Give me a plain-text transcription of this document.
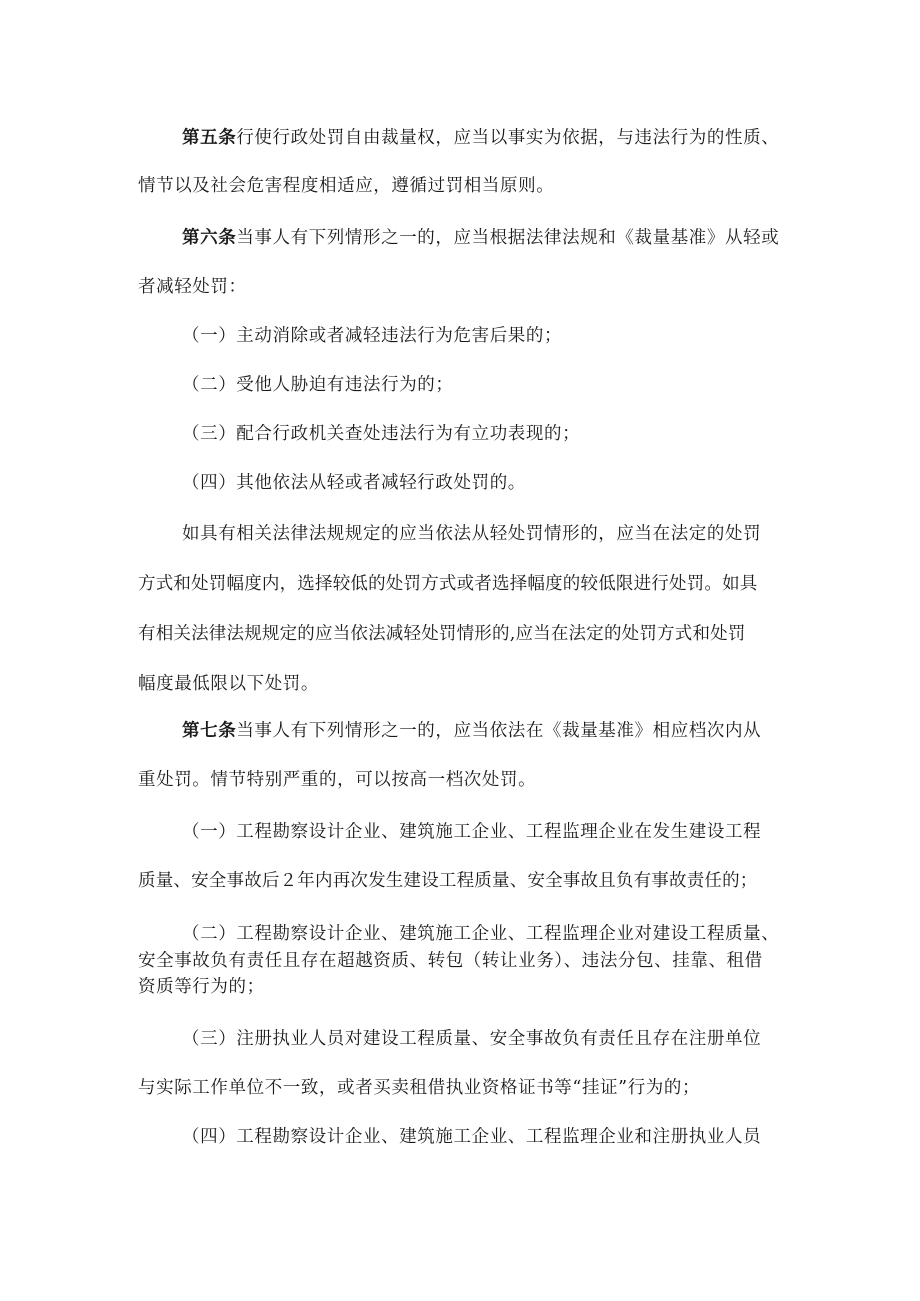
第五条行使行政处罚自由裁量权，应当以事实为依据，与违法行为的性质、

情节以及社会危害程度相适应，遵循过罚相当原则。

第六条当事人有下列情形之一的，应当根据法律法规和《裁量基准》从轻或

者减轻处罚：

（一）主动消除或者减轻违法行为危害后果的；

（二）受他人胁迫有违法行为的；

（三）配合行政机关查处违法行为有立功表现的；

（四）其他依法从轻或者减轻行政处罚的。

如具有相关法律法规规定的应当依法从轻处罚情形的，应当在法定的处罚

方式和处罚幅度内，选择较低的处罚方式或者选择幅度的较低限进行处罚。如具

有相关法律法规规定的应当依法减轻处罚情形的,应当在法定的处罚方式和处罚

幅度最低限以下处罚。

第七条当事人有下列情形之一的，应当依法在《裁量基准》相应档次内从

重处罚。情节特别严重的，可以按高一档次处罚。

（一）工程勘察设计企业、建筑施工企业、工程监理企业在发生建设工程

质量、安全事故后２年内再次发生建设工程质量、安全事故且负有事故责任的；

（二）工程勘察设计企业、建筑施工企业、工程监理企业对建设工程质量、

安全事故负有责任且存在超越资质、转包（转让业务）、违法分包、挂靠、租借

资质等行为的；

（三）注册执业人员对建设工程质量、安全事故负有责任且存在注册单位

与实际工作单位不一致，或者买卖租借执业资格证书等“挂证”行为的；

（四）工程勘察设计企业、建筑施工企业、工程监理企业和注册执业人员
